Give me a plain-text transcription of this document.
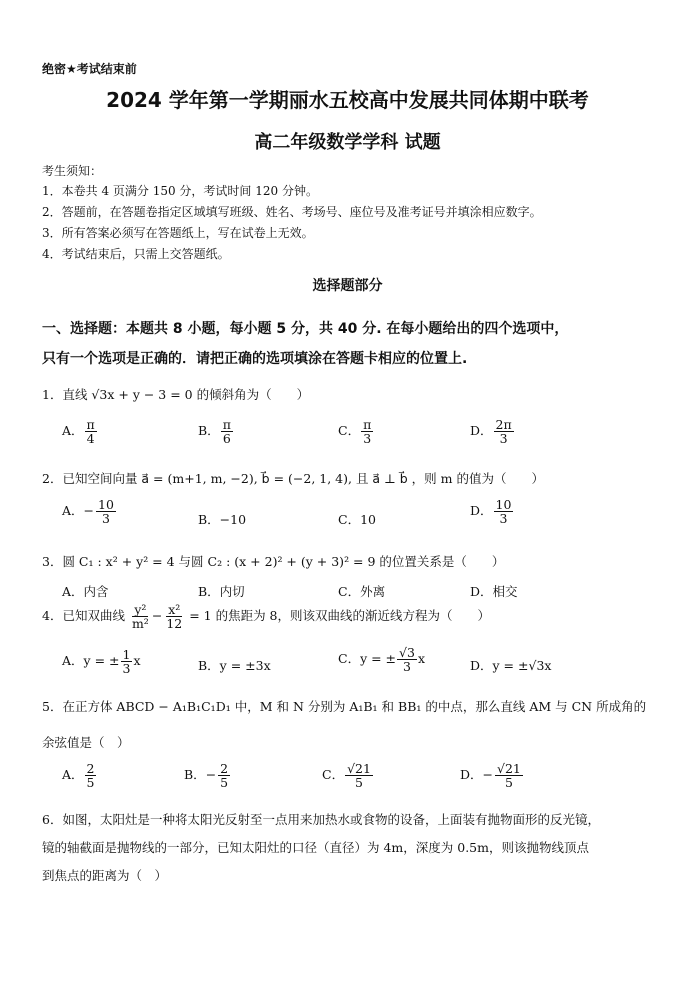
绝密★考试结束前
2024 学年第一学期丽水五校高中发展共同体期中联考
高二年级数学学科 试题
考生须知：
1．本卷共 4 页满分 150 分，考试时间 120 分钟。
2．答题前，在答题卷指定区域填写班级、姓名、考场号、座位号及准考证号并填涂相应数字。
3．所有答案必须写在答题纸上，写在试卷上无效。
4．考试结束后，只需上交答题纸。
选择题部分
一、选择题：本题共 8 小题，每小题 5 分，共 40 分. 在每小题给出的四个选项中，
只有一个选项是正确的．请把正确的选项填涂在答题卡相应的位置上.
1．直线 √3x + y − 3 = 0 的倾斜角为（　　）
A． $\frac{\pi}{4}$	B． $\frac{\pi}{6}$	C． $\frac{\pi}{3}$	D． $\frac{2\pi}{3}$
2．已知空间向量 a⃗ = (m+1, m, −2), b⃗ = (−2, 1, 4), 且 a⃗ ⊥ b⃗ ，则 m 的值为（　　）
A．− $\frac{10}{3}$	B．−10	C．10
D． $\frac{10}{3}$
3．圆 C₁ : x² + y² = 4 与圆 C₂ : (x + 2)² + (y + 3)² = 9 的位置关系是（　　）
A．内含	B．内切	C．外离	D．相交
4．已知双曲线 $\frac{\text{y²}}{\text{m²}} - \frac{\text{x²}}{12} = 1$ 的焦距为 8，则该双曲线的渐近线方程为（　　）
A．y = ± $\frac{1}{3}$ x	B．y = ±3x	C．y = ± $\frac{√3}{3}$ x	D．y = ±√3x
5．在正方体 ABCD − A₁B₁C₁D₁ 中，M 和 N 分别为 A₁B₁ 和 BB₁ 的中点，那么直线 AM 与 CN 所成角的
余弦值是（　）
A． $\frac{2}{5}$	B．− $\frac{2}{5}$	C． $\frac{√21}{5}$	D．− $\frac{√21}{5}$
6．如图，太阳灶是一种将太阳光反射至一点用来加热水或食物的设备，上面装有抛物面形的反光镜，
镜的轴截面是抛物线的一部分，已知太阳灶的口径（直径）为 4m，深度为 0.5m，则该抛物线顶点
到焦点的距离为（　）
